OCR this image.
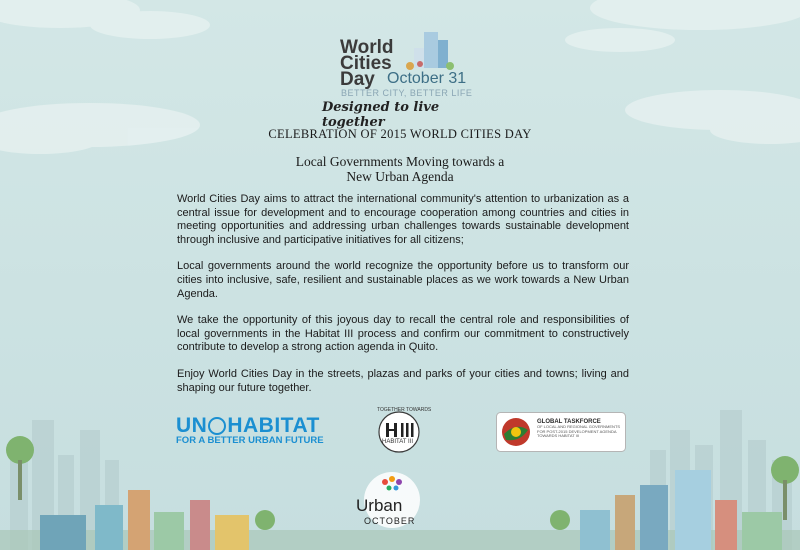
World
Cities
Day October 31
BETTER CITY, BETTER LIFE
Designed to live together
CELEBRATION OF 2015 WORLD CITIES DAY
Local Governments Moving towards a
New Urban Agenda

World Cities Day aims to attract the international community's attention to urbanization as a central issue for development and to encourage cooperation among countries and cities in meeting opportunities and addressing urban challenges towards sustainable development through inclusive and participative initiatives for all citizens;

Local governments around the world recognize the opportunity before us to transform our cities into inclusive, safe, resilient and sustainable places as we work towards a New Urban Agenda.

We take the opportunity of this joyous day to recall the central role and responsibilities of local governments in the Habitat III process and confirm our commitment to constructively contribute to develop a strong action agenda in Quito.

Enjoy World Cities Day in the streets, plazas and parks of your cities and towns; living and shaping our future together.

UN HABITAT
FOR A BETTER URBAN FUTURE
TOGETHER TOWARDS
HABITAT III
GLOBAL TASKFORCE
OF LOCAL AND REGIONAL GOVERNMENTS
FOR POST-2015 DEVELOPMENT AGENDA
TOWARDS HABITAT III
Urban
OCTOBER
